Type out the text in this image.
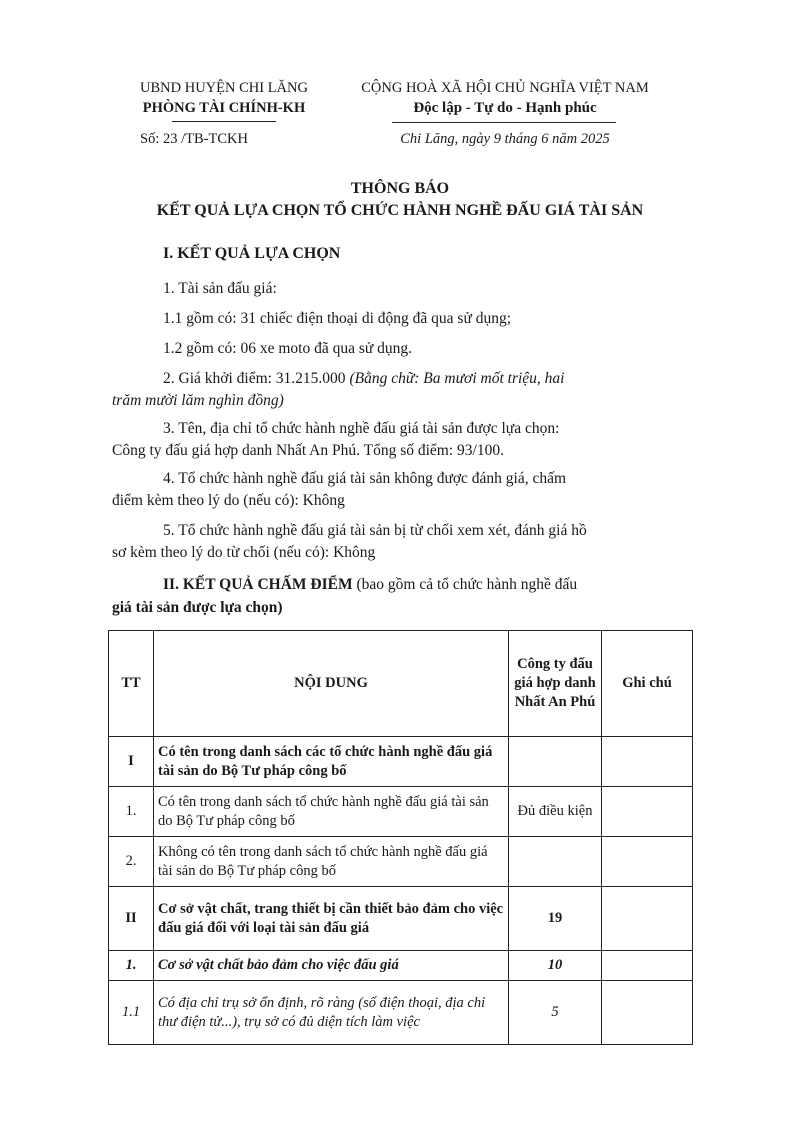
UBND HUYỆN CHI LĂNG
PHÒNG TÀI CHÍNH-KH
Số: 23 /TB-TCKH
CỘNG HOÀ XÃ HỘI CHỦ NGHĨA VIỆT NAM
Độc lập - Tự do - Hạnh phúc
Chi Lăng, ngày 9 tháng 6 năm 2025
THÔNG BÁO
KẾT QUẢ LỰA CHỌN TỔ CHỨC HÀNH NGHỀ ĐẤU GIÁ TÀI SẢN
I. KẾT QUẢ LỰA CHỌN
1. Tài sản đấu giá:
1.1 gồm có: 31 chiếc điện thoại di động đã qua sử dụng;
1.2 gồm có: 06 xe moto đã qua sử dụng.
2. Giá khởi điểm: 31.215.000 (Bằng chữ: Ba mươi mốt triệu, hai
trăm mười lăm nghìn đồng)
3. Tên, địa chỉ tổ chức hành nghề đấu giá tài sản được lựa chọn:
Công ty đấu giá hợp danh Nhất An Phú. Tổng số điểm: 93/100.
4. Tổ chức hành nghề đấu giá tài sản không được đánh giá, chấm
điểm kèm theo lý do (nếu có): Không
5. Tổ chức hành nghề đấu giá tài sản bị từ chối xem xét, đánh giá hồ
sơ kèm theo lý do từ chối (nếu có): Không
II. KẾT QUẢ CHẤM ĐIỂM (bao gồm cả tổ chức hành nghề đấu
giá tài sản được lựa chọn)
TT	NỘI DUNG	Công ty đấu giá hợp danh Nhất An Phú	Ghi chú
I	Có tên trong danh sách các tổ chức hành nghề đấu giá tài sản do Bộ Tư pháp công bố		
1.	Có tên trong danh sách tổ chức hành nghề đấu giá tài sản do Bộ Tư pháp công bố	Đủ điều kiện	
2.	Không có tên trong danh sách tổ chức hành nghề đấu giá tài sản do Bộ Tư pháp công bố		
II	Cơ sở vật chất, trang thiết bị cần thiết bảo đảm cho việc đấu giá đối với loại tài sản đấu giá	19	
1.	Cơ sở vật chất bảo đảm cho việc đấu giá	10	
1.1	Có địa chỉ trụ sở ổn định, rõ ràng (số điện thoại, địa chỉ thư điện tử...), trụ sở có đủ diện tích làm việc	5	
